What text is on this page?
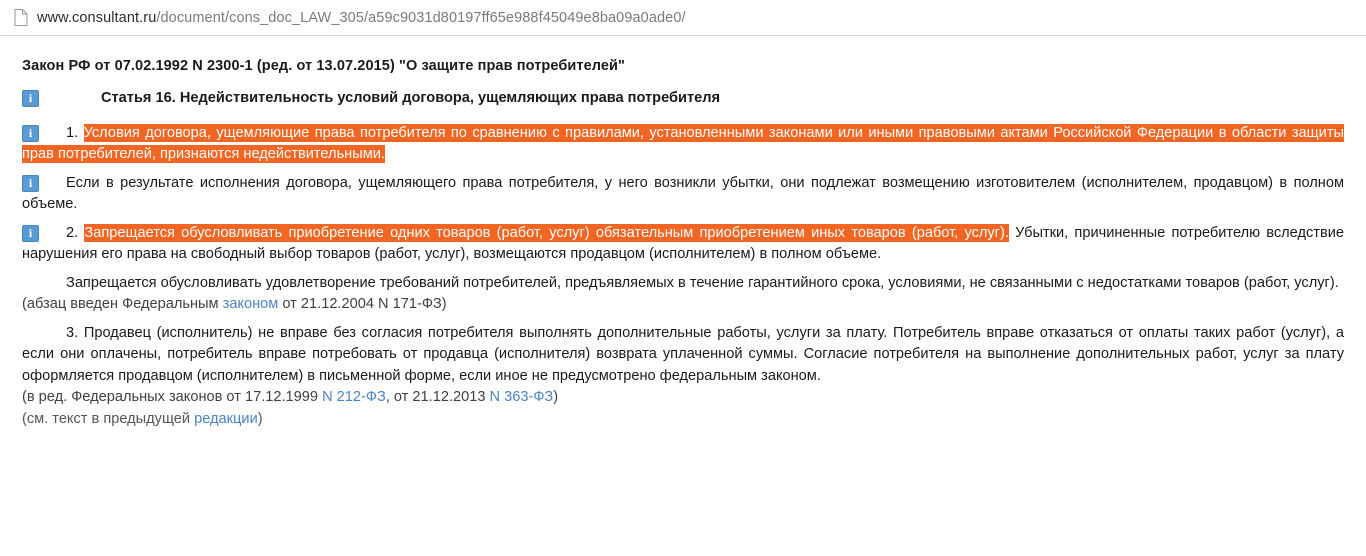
www.consultant.ru/document/cons_doc_LAW_305/a59c9031d80197ff65e988f45049e8ba09a0ade0/
Закон РФ от 07.02.1992 N 2300-1 (ред. от 13.07.2015) "О защите прав потребителей"
i
Статья 16. Недействительность условий договора, ущемляющих права потребителя
i
1. Условия договора, ущемляющие права потребителя по сравнению с правилами, установленными законами или иными правовыми актами Российской Федерации в области защиты прав потребителей, признаются недействительными.
i
Если в результате исполнения договора, ущемляющего права потребителя, у него возникли убытки, они подлежат возмещению изготовителем (исполнителем, продавцом) в полном объеме.
i
2. Запрещается обусловливать приобретение одних товаров (работ, услуг) обязательным приобретением иных товаров (работ, услуг). Убытки, причиненные потребителю вследствие нарушения его права на свободный выбор товаров (работ, услуг), возмещаются продавцом (исполнителем) в полном объеме.
Запрещается обусловливать удовлетворение требований потребителей, предъявляемых в течение гарантийного срока, условиями, не связанными с недостатками товаров (работ, услуг).
(абзац введен Федеральным законом от 21.12.2004 N 171-ФЗ)
3. Продавец (исполнитель) не вправе без согласия потребителя выполнять дополнительные работы, услуги за плату. Потребитель вправе отказаться от оплаты таких работ (услуг), а если они оплачены, потребитель вправе потребовать от продавца (исполнителя) возврата уплаченной суммы. Согласие потребителя на выполнение дополнительных работ, услуг за плату оформляется продавцом (исполнителем) в письменной форме, если иное не предусмотрено федеральным законом.
(в ред. Федеральных законов от 17.12.1999 N 212-ФЗ, от 21.12.2013 N 363-ФЗ)
(см. текст в предыдущей редакции)
